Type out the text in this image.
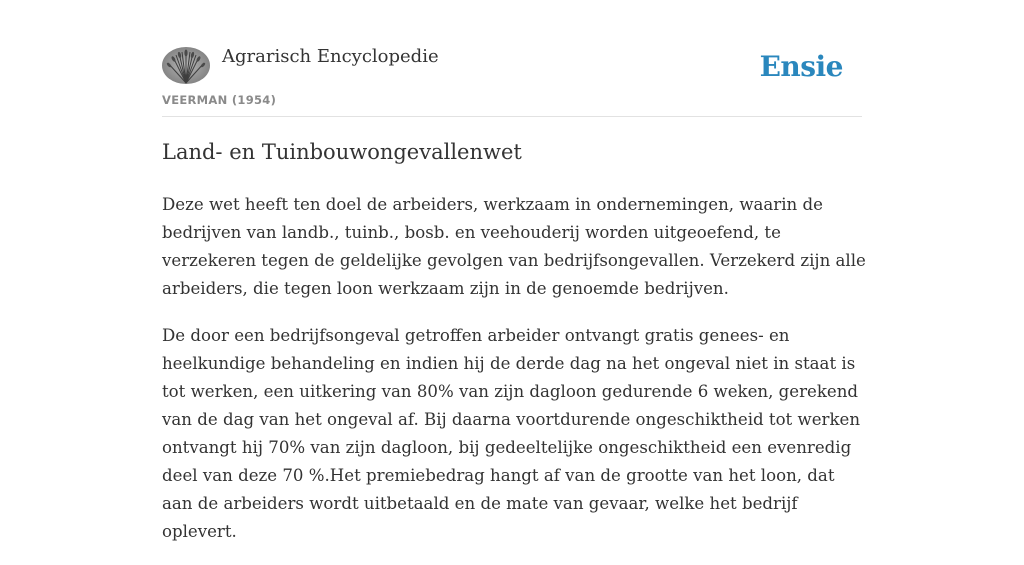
Agrarisch Encyclopedie
VEERMAN (1954)
Ensie
Land- en Tuinbouwongevallenwet

Deze wet heeft ten doel de arbeiders, werkzaam in ondernemingen, waarin de bedrijven van landb., tuinb., bosb. en veehouderij worden uitgeoefend, te verzekeren tegen de geldelijke gevolgen van bedrijfsongevallen. Verzekerd zijn alle arbeiders, die tegen loon werkzaam zijn in de genoemde bedrijven.

De door een bedrijfsongeval getroffen arbeider ontvangt gratis genees- en heelkundige behandeling en indien hij de derde dag na het ongeval niet in staat is tot werken, een uitkering van 80% van zijn dagloon gedurende 6 weken, gerekend van de dag van het ongeval af. Bij daarna voortdurende ongeschiktheid tot werken ontvangt hij 70% van zijn dagloon, bij gedeeltelijke ongeschiktheid een evenredig deel van deze 70 %.Het premiebedrag hangt af van de grootte van het loon, dat aan de arbeiders wordt uitbetaald en de mate van gevaar, welke het bedrijf oplevert.
